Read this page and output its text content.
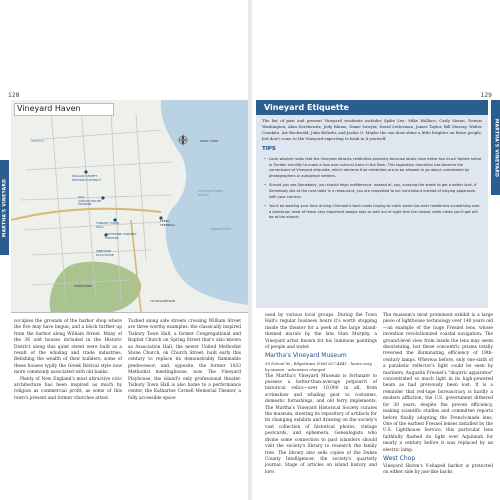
128
MARTHA'S VINEYARD
Vineyard Haven
WILLIAM STREET HISTORIC DISTRICT
OLD SCHOOLHOUSE MUSEUM
TISBURY TOWN HALL
KATHARINE CORNELL THEATER
FERRY TERMINAL
Vineyard Haven Harbor
Lagoon Pond
OWEN PARK
WEST CHOP
TO EDGARTOWN
VINEYARD PLAYHOUSE
Tashmoo

occupies the grounds of the harbor shop where the five may have begun; and a block further up from the harbor along William Street. Many of the 36 odd houses included in the Historic District along this quiet street were built as a result of the whaling and trade industries. Relishing the wealth of their builders, some of these houses typify the Greek Revival style now more commonly associated with old banks.

Plenty of New England's most attractive civic architecture has been inspired as much by religion as commercial profit, as some of this town's present and former churches attest.

Tucked along side streets crossing William Street are three worthy examples: the classically inspired Tisbury Town Hall, a former Congregational and Baptist Church on Spring Street that's also known as Association Hall, the newer United Methodist Stone Church, on Church Street, built early this century to replace its demonstrably flammable predecessor; and, opposite, the former 1833 Methodist meetinghouse, now The Vineyard Playhouse, the island's only professional theater. Tisbury Town Hall is also home to a performance center, the Katharine Cornell Memorial Theater, a fully accessible space

129
MARTHA'S VINEYARD
Vineyard Etiquette
The list of past and present Vineyard residents includes Spike Lee, Mike Wallace, Carly Simon, Dennis Washington, Alan Dershowitz, Judy Blume, Diane Sawyer, David Letterman, James Taylor, Bill Murray, Walter Cronkite, Art Buchwald, John Belushi, and Jackie O. Maybe the sun does shine a little brighter on these people, but don't come to the Vineyard expecting to bask in it yourself.
TIPS
• Local wisdom holds that the Vineyard attracts celebrities precisely because locals have either too much Yankee sense or Puritan humility to make a fuss over cultural icons in the flesh. This legendary discretion has become the cornerstone of Vineyard etiquette, which declares that celebrities are to be allowed to go about unmolested by photographers or autograph seekers.
• Should you see Somebody, you should feign indifference. Instead of, say, crossing the street to get a better look, if Somebody sits at the next table in a restaurant, you are requested to act nonchalant instead of playing paparazzo with your camera.
• You'd be wasting your time driving Chilmark's back roads hoping to catch some low-rider headliners sunbathing over a barbecue; most of these very important people stay so well out of sight that the closest celeb views you'll get will be at the airport.

used by various local groups. During the Town Hall's regular business hours it's worth stopping inside the theater for a peek at the large island-themed murals by the late Stan Murphy, a Vineyard artist known for his luminous paintings of people and water.

Martha's Vineyard Museum
59 School St., Edgartown (508) 627-4441 · hours vary by season · admission charged

The Martha's Vineyard Museum is fortunate to possess a better-than-average potpourri of historical relics—over 10,000 in all, from scrimshaw and whaling gear to costumes, domestic furnishings, and old ferry implements. The Martha's Vineyard Historical Society curates the museum, steering its repository of artifacts for its changing exhibits and drawing on the society's vast collection of historical photos, vintage postcards, and ephemera. Genealogists who divine some connection to past islanders should visit the society's library to research the family tree. The library also sells copies of the Dukes County Intelligencer, the society's quarterly journal. Stage of articles on island history and lore.

The museum's most prominent exhibit is a large piece of lighthouse technology over 140 years old—an example of the huge Fresnel lens, whose invention revolutionized coastal navigation. The ground-level view from inside the lens may seem disorienting, but these concentric prisms totally reversed the illuminating efficiency of 19th-century lamps. Whereas before, only one-sixth of a parabolic reflector's light could be seen by mariners, Augustin Fresnel's "dioptric apparatus" concentrated so much light in its high-powered beam as had previously been lost. It is a reminder that red-tape bureaucracy is hardly a modern affliction; the U.S. government dithered for 30 years, despite the proven efficiency, making scientific studies and committee reports before finally adopting the French-made lens. One of the earliest Fresnel lenses installed by the U.S. Lighthouse Service, this particular lens faithfully flashed its light over Aquinnah for nearly a century before it was replaced by an electric lamp.

West Chop

Vineyard Haven's V-shaped harbor is protected on either side by jaw-like backs
